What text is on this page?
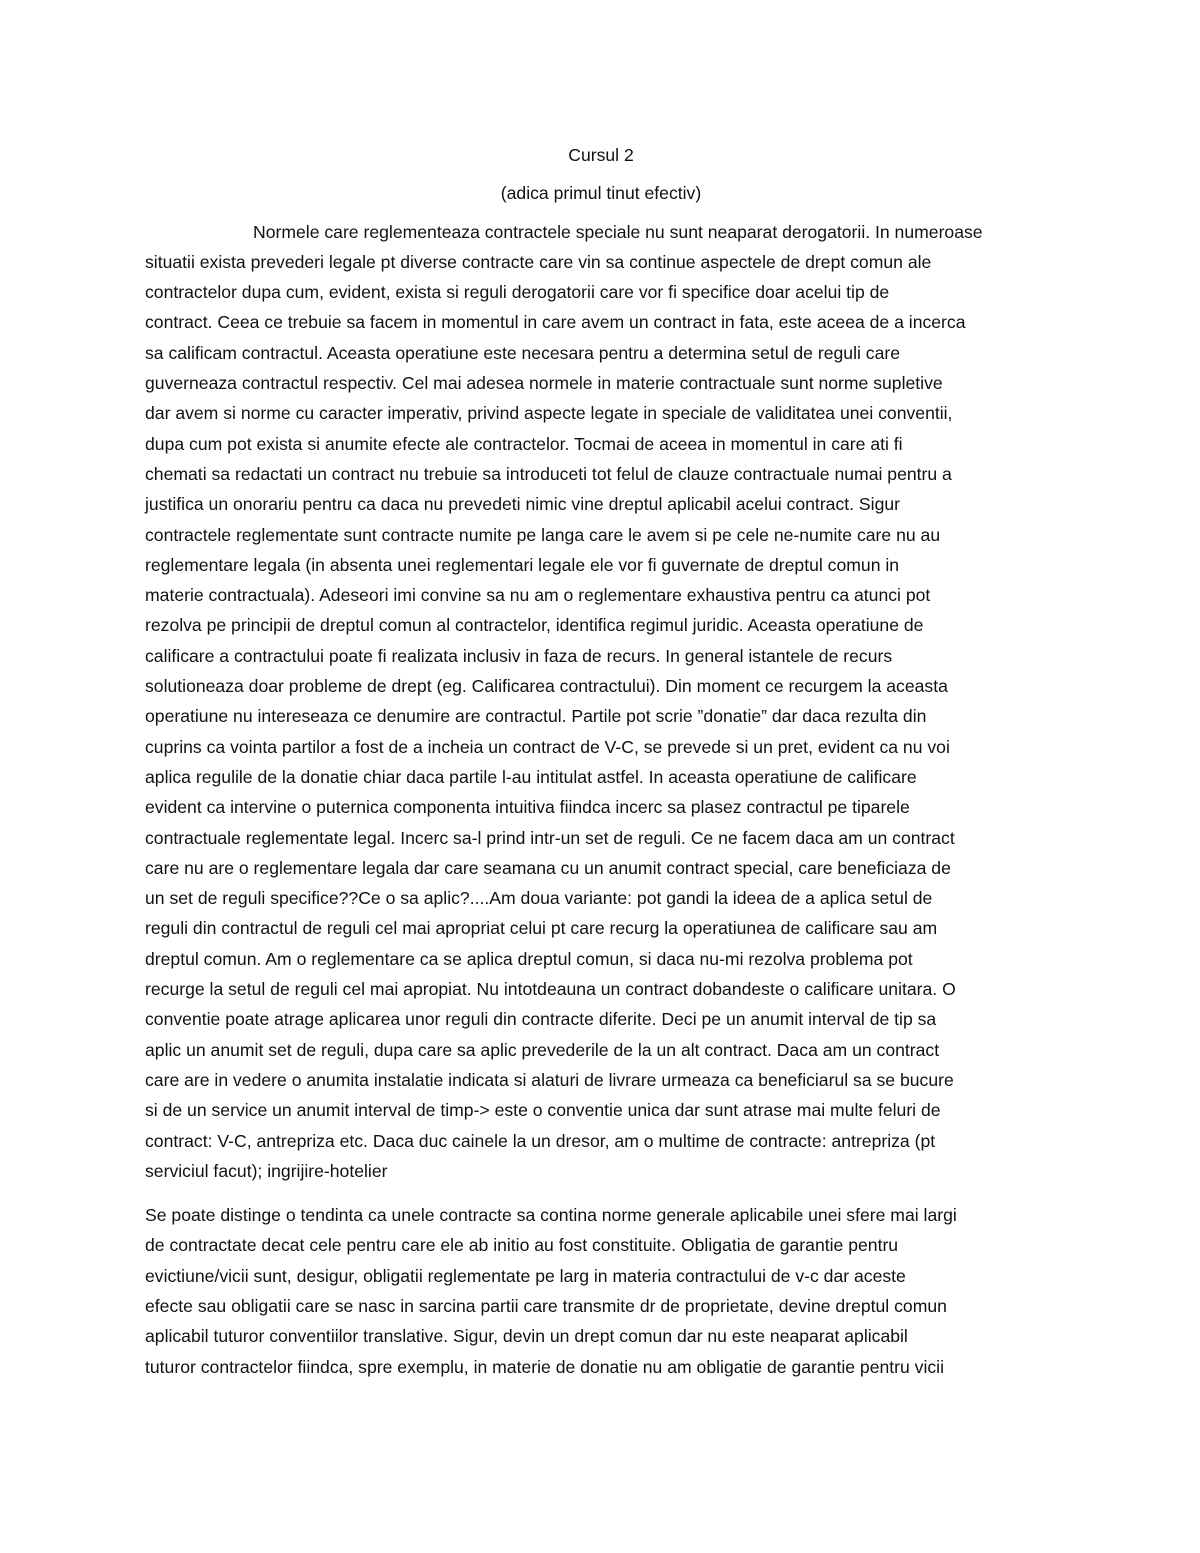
Cursul 2
(adica primul tinut efectiv)
Normele care reglementeaza contractele speciale nu sunt neaparat derogatorii. In numeroase
situatii exista prevederi legale pt diverse contracte care vin sa continue aspectele de drept comun ale
contractelor dupa cum, evident, exista si reguli derogatorii care vor fi specifice doar acelui tip de
contract. Ceea ce trebuie sa facem in momentul in care avem un contract in fata, este aceea de a incerca
sa calificam contractul. Aceasta operatiune este necesara pentru a determina setul de reguli care
guverneaza contractul respectiv. Cel mai adesea normele in materie contractuale sunt norme supletive
dar avem si norme cu caracter imperativ, privind aspecte legate in speciale de validitatea unei conventii,
dupa cum pot exista si anumite efecte ale contractelor. Tocmai de aceea in momentul in care ati fi
chemati sa redactati un contract nu trebuie sa introduceti tot felul de clauze contractuale numai pentru a
justifica un onorariu pentru ca daca nu prevedeti nimic vine dreptul aplicabil acelui contract. Sigur
contractele reglementate sunt contracte numite pe langa care le avem si pe cele ne-numite care nu au
reglementare legala (in absenta unei reglementari legale ele vor fi guvernate de dreptul comun in
materie contractuala). Adeseori imi convine sa nu am o reglementare exhaustiva pentru ca atunci pot
rezolva pe principii de dreptul comun al contractelor, identifica regimul juridic. Aceasta operatiune de
calificare a contractului poate fi realizata inclusiv in faza de recurs. In general istantele de recurs
solutioneaza doar probleme de drept (eg. Calificarea contractului). Din moment ce recurgem la aceasta
operatiune nu intereseaza ce denumire are contractul. Partile pot scrie ”donatie” dar daca rezulta din
cuprins ca vointa partilor a fost de a incheia un contract de V-C, se prevede si un pret, evident ca nu voi
aplica regulile de la donatie chiar daca partile l-au intitulat astfel. In aceasta operatiune de calificare
evident ca intervine o puternica componenta intuitiva fiindca incerc sa plasez contractul pe tiparele
contractuale reglementate legal. Incerc sa-l prind intr-un set de reguli. Ce ne facem daca am un contract
care nu are o reglementare legala dar care seamana cu un anumit contract special, care beneficiaza de
un set de reguli specifice??Ce o sa aplic?....Am doua variante: pot gandi la ideea de a aplica setul de
reguli din contractul de reguli cel mai apropriat celui pt care recurg la operatiunea de calificare sau am
dreptul comun. Am o reglementare ca se aplica dreptul comun, si daca nu-mi rezolva problema pot
recurge la setul de reguli cel mai apropiat. Nu intotdeauna un contract dobandeste o calificare unitara. O
conventie poate atrage aplicarea unor reguli din contracte diferite. Deci pe un anumit interval de tip sa
aplic un anumit set de reguli, dupa care sa aplic prevederile de la un alt contract. Daca am un contract
care are in vedere o anumita instalatie indicata si alaturi de livrare urmeaza ca beneficiarul sa se bucure
si de un service un anumit interval de timp-> este o conventie unica dar sunt atrase mai multe feluri de
contract: V-C, antrepriza etc. Daca duc cainele la un dresor, am o multime de contracte: antrepriza (pt
serviciul facut); ingrijire-hotelier
Se poate distinge o tendinta ca unele contracte sa contina norme generale aplicabile unei sfere mai largi
de contractate decat cele pentru care ele ab initio au fost constituite. Obligatia de garantie pentru
evictiune/vicii sunt, desigur, obligatii reglementate pe larg in materia contractului de v-c dar aceste
efecte sau obligatii care se nasc in sarcina partii care transmite dr de proprietate, devine dreptul comun
aplicabil tuturor conventiilor translative. Sigur, devin un drept comun dar nu este neaparat aplicabil
tuturor contractelor fiindca, spre exemplu, in materie de donatie nu am obligatie de garantie pentru vicii
